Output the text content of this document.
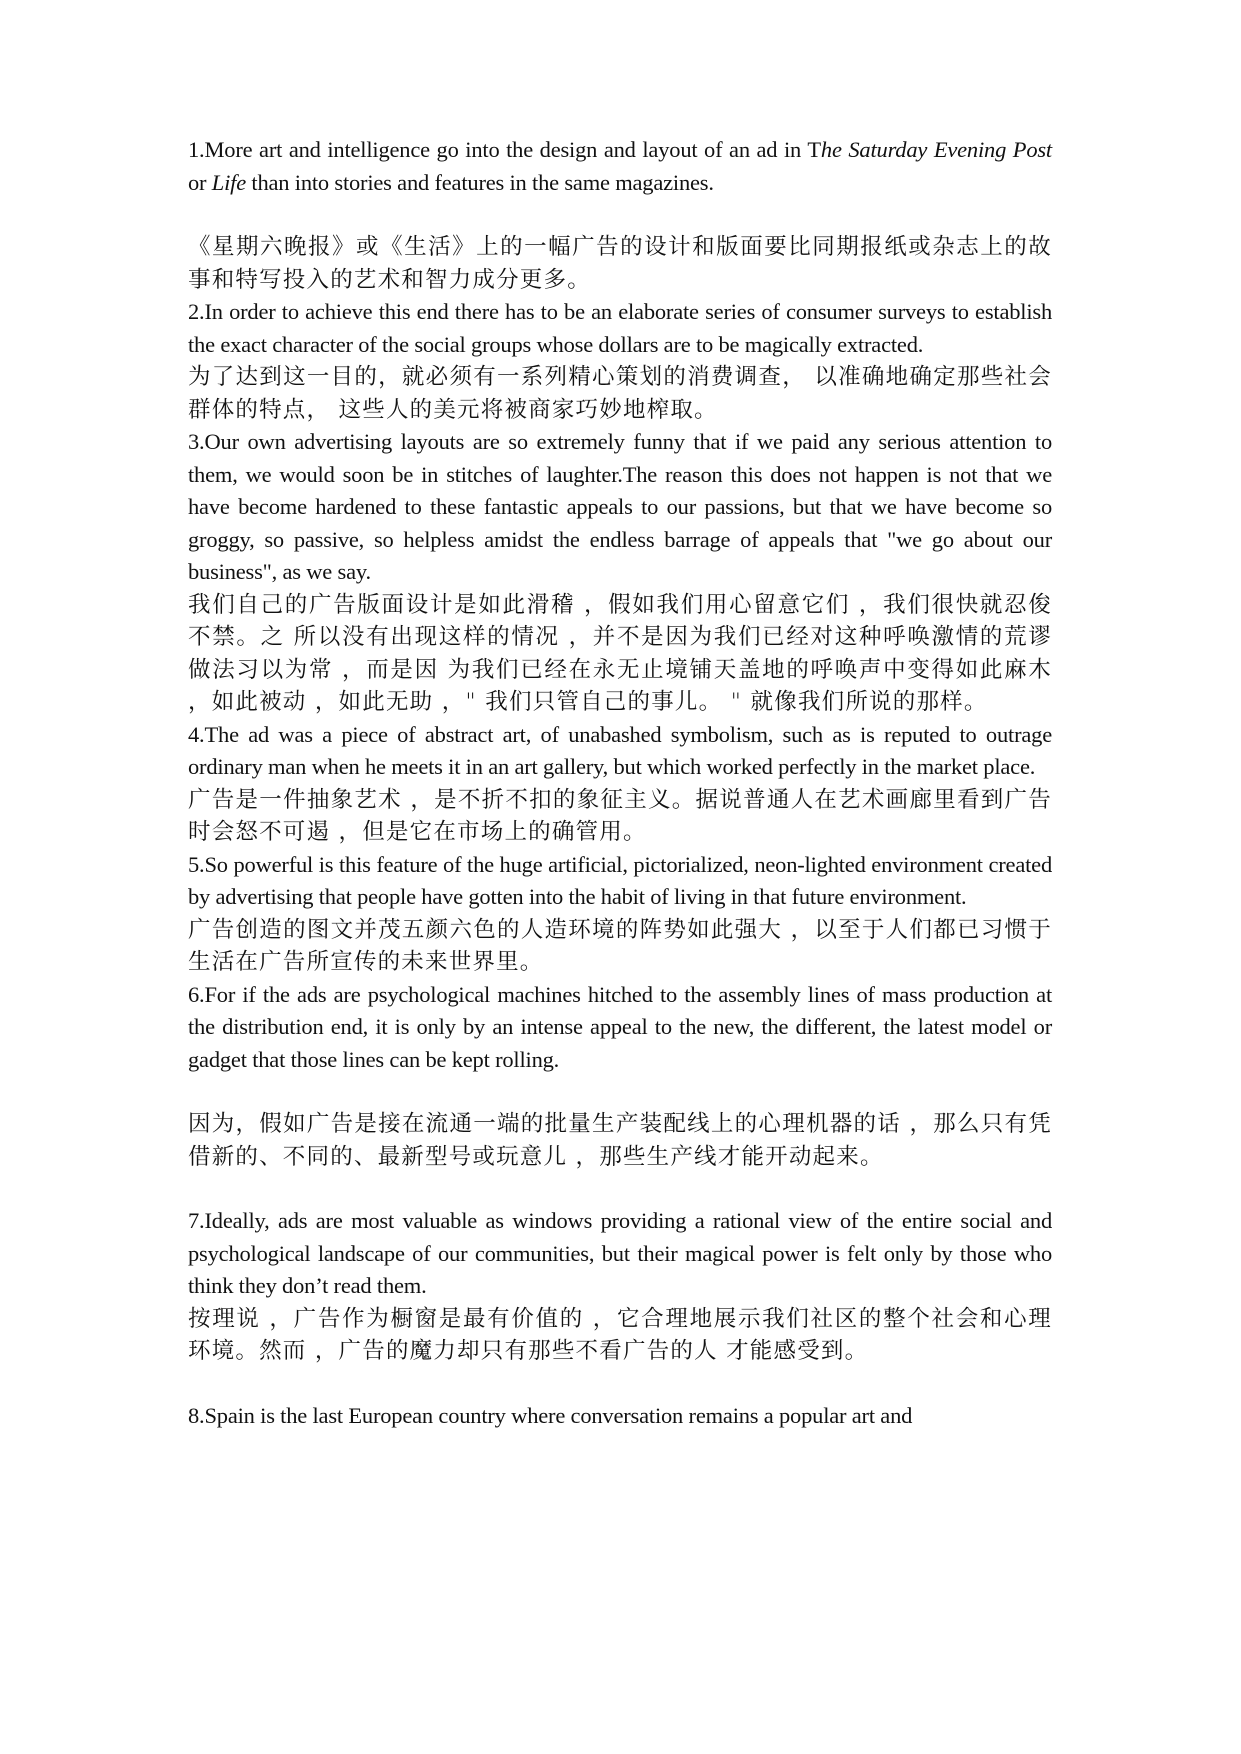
1.More art and intelligence go into the design and layout of an ad in The Saturday Evening Post or Life than into stories and features in the same magazines.

《星期六晚报》或《生活》上的一幅广告的设计和版面要比同期报纸或杂志上的故事和特写投入的艺术和智力成分更多。

2.In order to achieve this end there has to be an elaborate series of consumer surveys to establish the exact character of the social groups whose dollars are to be magically extracted.

为了达到这一目的，就必须有一系列精心策划的消费调查， 以准确地确定那些社会群体的特点， 这些人的美元将被商家巧妙地榨取。

3.Our own advertising layouts are so extremely funny that if we paid any serious attention to them, we would soon be in stitches of laughter.The reason this does not happen is not that we have become hardened to these fantastic appeals to our passions, but that we have become so groggy, so passive, so helpless amidst the endless barrage of appeals that "we go about our business", as we say.

我们自己的广告版面设计是如此滑稽 ，假如我们用心留意它们 ，我们很快就忍俊不禁。之 所以没有出现这样的情况 ，并不是因为我们已经对这种呼唤激情的荒谬做法习以为常 ，而是因 为我们已经在永无止境铺天盖地的呼唤声中变得如此麻木 ，如此被动 ，如此无助 ，" 我们只管自己的事儿。 " 就像我们所说的那样。

4.The ad was a piece of abstract art, of unabashed symbolism, such as is reputed to outrage ordinary man when he meets it in an art gallery, but which worked perfectly in the market place.

广告是一件抽象艺术 ，是不折不扣的象征主义。据说普通人在艺术画廊里看到广告时会怒不可遏 ，但是它在市场上的确管用。

5.So powerful is this feature of the huge artificial, pictorialized, neon-lighted environment created by advertising that people have gotten into the habit of living in that future environment.

广告创造的图文并茂五颜六色的人造环境的阵势如此强大 ，以至于人们都已习惯于生活在广告所宣传的未来世界里。

6.For if the ads are psychological machines hitched to the assembly lines of mass production at the distribution end, it is only by an intense appeal to the new, the different, the latest model or gadget that those lines can be kept rolling.

因为，假如广告是接在流通一端的批量生产装配线上的心理机器的话 ，那么只有凭借新的、不同的、最新型号或玩意儿 ，那些生产线才能开动起来。

7.Ideally, ads are most valuable as windows providing a rational view of the entire social and psychological landscape of our communities, but their magical power is felt only by those who think they don’t read them.

按理说 ，广告作为橱窗是最有价值的 ，它合理地展示我们社区的整个社会和心理环境。然而 ，广告的魔力却只有那些不看广告的人 才能感受到。

8.Spain is the last European country where conversation remains a popular art and
